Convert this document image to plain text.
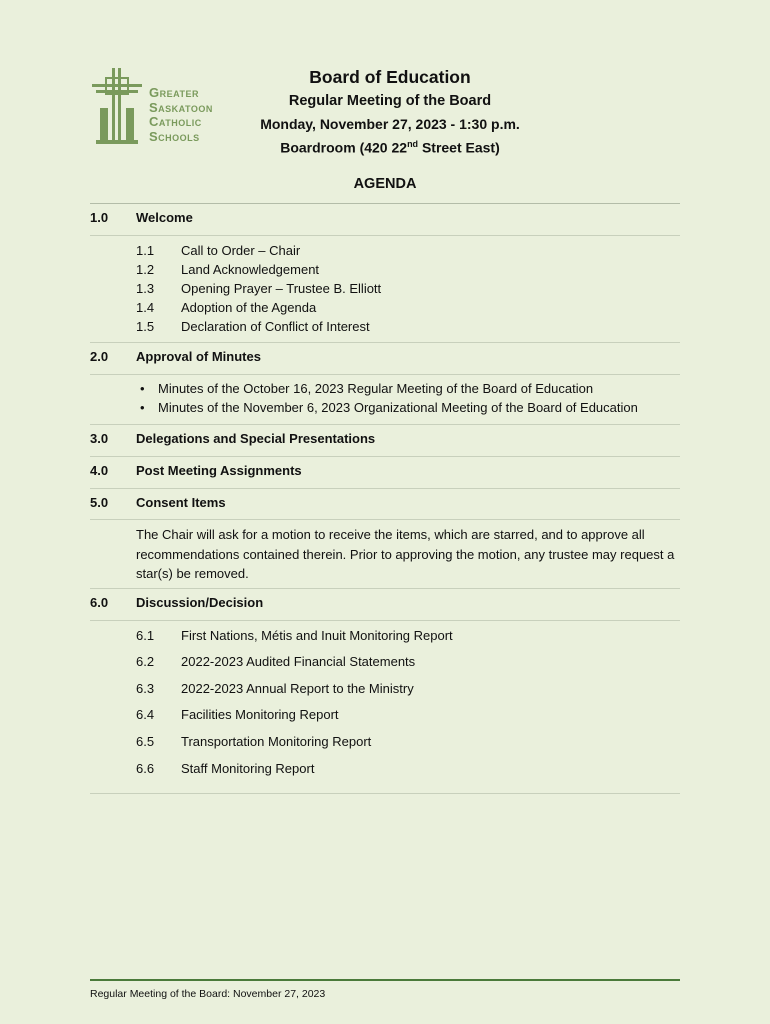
Greater
Saskatoon
Catholic
Schools
Board of Education
Regular Meeting of the Board
Monday, November 27, 2023 - 1:30 p.m.
Boardroom (420 22nd Street East)
AGENDA
1.0 Welcome
1.1 Call to Order – Chair
1.2 Land Acknowledgement
1.3 Opening Prayer – Trustee B. Elliott
1.4 Adoption of the Agenda
1.5 Declaration of Conflict of Interest
2.0 Approval of Minutes
• Minutes of the October 16, 2023 Regular Meeting of the Board of Education
• Minutes of the November 6, 2023 Organizational Meeting of the Board of Education
3.0 Delegations and Special Presentations
4.0 Post Meeting Assignments
5.0 Consent Items
The Chair will ask for a motion to receive the items, which are starred, and to approve all recommendations contained therein. Prior to approving the motion, any trustee may request a star(s) be removed.
6.0 Discussion/Decision
6.1 First Nations, Métis and Inuit Monitoring Report
6.2 2022-2023 Audited Financial Statements
6.3 2022-2023 Annual Report to the Ministry
6.4 Facilities Monitoring Report
6.5 Transportation Monitoring Report
6.6 Staff Monitoring Report
Regular Meeting of the Board: November 27, 2023
